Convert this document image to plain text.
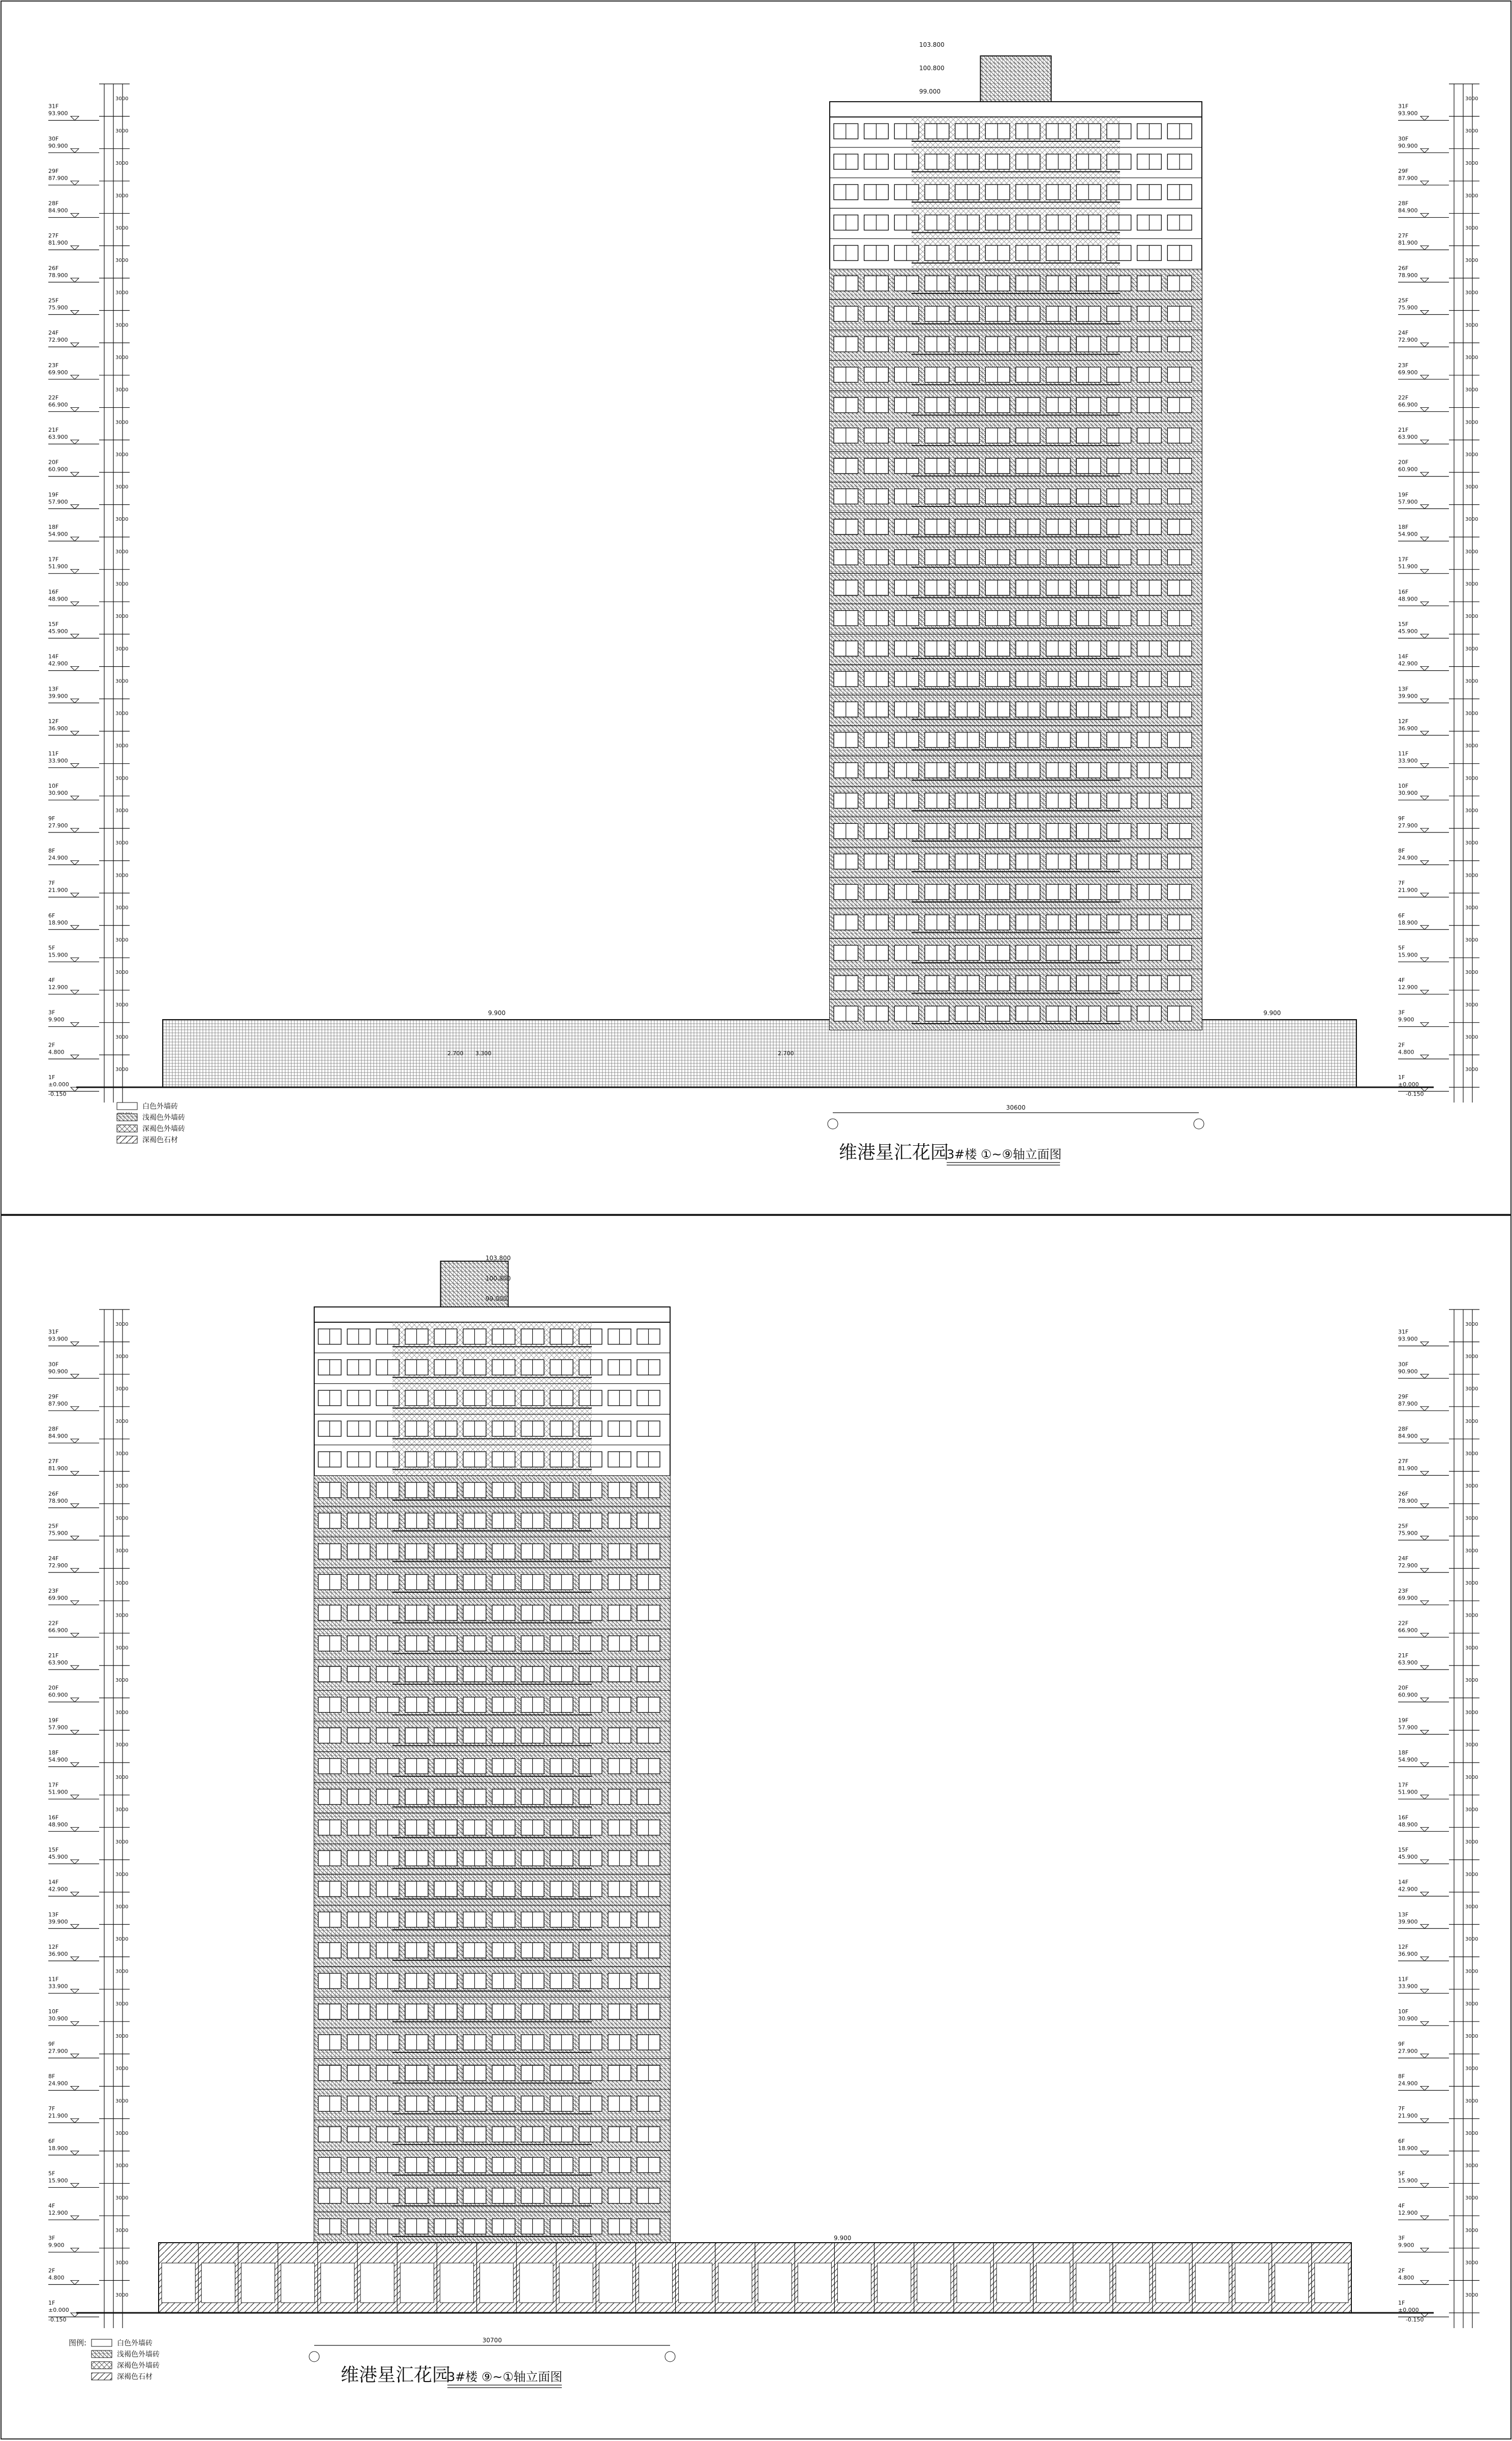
1F
±0.000
3000
2F
4.800
3000
3F
9.900
3000
4F
12.900
3000
5F
15.900
3000
6F
18.900
3000
7F
21.900
3000
8F
24.900
3000
9F
27.900
3000
10F
30.900
3000
11F
33.900
3000
12F
36.900
3000
13F
39.900
3000
14F
42.900
3000
15F
45.900
3000
16F
48.900
3000
17F
51.900
3000
18F
54.900
3000
19F
57.900
3000
20F
60.900
3000
21F
63.900
3000
22F
66.900
3000
23F
69.900
3000
24F
72.900
3000
25F
75.900
3000
26F
78.900
3000
27F
81.900
3000
28F
84.900
3000
29F
87.900
3000
30F
90.900
3000
31F
93.900
3000
1F
±0.000
3000
2F
4.800
3000
3F
9.900
3000
4F
12.900
3000
5F
15.900
3000
6F
18.900
3000
7F
21.900
3000
8F
24.900
3000
9F
27.900
3000
10F
30.900
3000
11F
33.900
3000
12F
36.900
3000
13F
39.900
3000
14F
42.900
3000
15F
45.900
3000
16F
48.900
3000
17F
51.900
3000
18F
54.900
3000
19F
57.900
3000
20F
60.900
3000
21F
63.900
3000
22F
66.900
3000
23F
69.900
3000
24F
72.900
3000
25F
75.900
3000
26F
78.900
3000
27F
81.900
3000
28F
84.900
3000
29F
87.900
3000
30F
90.900
3000
31F
93.900
3000
103.800
100.800
99.000
9.900	9.900
2.700 3.300	2.700
30600
-0.150	-0.150
1F
±0.000
3000
2F
4.800
3000
3F
9.900
3000
4F
12.900
3000
5F
15.900
3000
6F
18.900
3000
7F
21.900
3000
8F
24.900
3000
9F
27.900
3000
10F
30.900
3000
11F
33.900
3000
12F
36.900
3000
13F
39.900
3000
14F
42.900
3000
15F
45.900
3000
16F
48.900
3000
17F
51.900
3000
18F
54.900
3000
19F
57.900
3000
20F
60.900
3000
21F
63.900
3000
22F
66.900
3000
23F
69.900
3000
24F
72.900
3000
25F
75.900
3000
26F
78.900
3000
27F
81.900
3000
28F
84.900
3000
29F
87.900
3000
30F
90.900
3000
31F
93.900
3000
1F
±0.000
3000
2F
4.800
3000
3F
9.900
3000
4F
12.900
3000
5F
15.900
3000
6F
18.900
3000
7F
21.900
3000
8F
24.900
3000
9F
27.900
3000
10F
30.900
3000
11F
33.900
3000
12F
36.900
3000
13F
39.900
3000
14F
42.900
3000
15F
45.900
3000
16F
48.900
3000
17F
51.900
3000
18F
54.900
3000
19F
57.900
3000
20F
60.900
3000
21F
63.900
3000
22F
66.900
3000
23F
69.900
3000
24F
72.900
3000
25F
75.900
3000
26F
78.900
3000
27F
81.900
3000
28F
84.900
3000
29F
87.900
3000
30F
90.900
3000
31F
93.900
3000
103.800
100.800
99.000
9.900
30700
-0.150	-0.150
维港星汇花园
3#楼 ①~⑨轴立面图
维港星汇花园
3#楼 ⑨~①轴立面图
白色外墙砖
浅褐色外墙砖
深褐色外墙砖
深褐色石材
图例:	白色外墙砖
浅褐色外墙砖
深褐色外墙砖
深褐色石材
